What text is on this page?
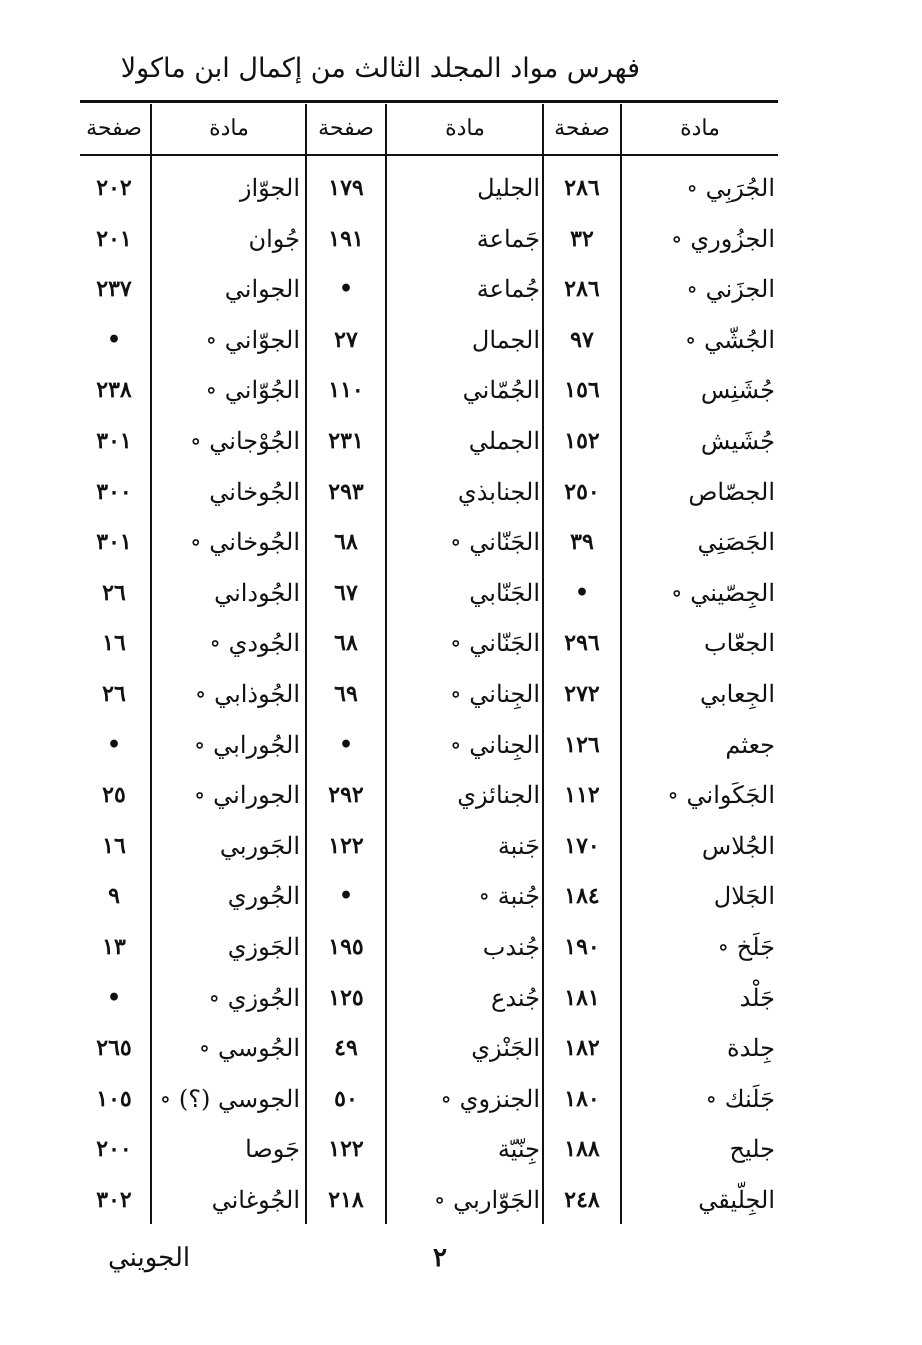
فهرس مواد المجلد الثالث من إكمال ابن ماكولا
مادة
صفحة
مادة
صفحة
مادة
صفحة
الجُرَبِي ∘
٢٨٦
الجليل
١٧٩
الجوّاز
٢٠٢
الجزُوري ∘
٣٢
جَماعة
١٩١
جُوان
٢٠١
الجزَني ∘
٢٨٦
جُماعة
•
الجواني
٢٣٧
الجُشّي ∘
٩٧
الجمال
٢٧
الجوّاني ∘
•
جُشَنِس
١٥٦
الجُمّاني
١١٠
الجُوّاني ∘
٢٣٨
جُشَيش
١٥٢
الجملي
٢٣١
الجُوْجاني ∘
٣٠١
الجصّاص
٢٥٠
الجنابذي
٢٩٣
الجُوخاني
٣٠٠
الجَصَنِي
٣٩
الجَنّاني ∘
٦٨
الجُوخاني ∘
٣٠١
الجِصّيني ∘
•
الجَنّابي
٦٧
الجُوداني
٢٦
الجعّاب
٢٩٦
الجَنّاني ∘
٦٨
الجُودي ∘
١٦
الجِعابي
٢٧٢
الجِناني ∘
٦٩
الجُوذابي ∘
٢٦
جعثم
١٢٦
الجِناني ∘
•
الجُورابي ∘
•
الجَكَواني ∘
١١٢
الجنائزي
٢٩٢
الجوراني ∘
٢٥
الجُلاس
١٧٠
جَنبة
١٢٢
الجَوربي
١٦
الجَلال
١٨٤
جُنبة ∘
•
الجُوري
٩
جَلَخ ∘
١٩٠
جُندب
١٩٥
الجَوزي
١٣
جَلْد
١٨١
جُندع
١٢٥
الجُوزي ∘
•
جِلدة
١٨٢
الجَنْزي
٤٩
الجُوسي ∘
٢٦٥
جَلَنك ∘
١٨٠
الجنزوي ∘
٥٠
الجوسي (؟) ∘
١٠٥
جليح
١٨٨
جِنّيّة
١٢٢
جَوصا
٢٠٠
الجِلّيقي
٢٤٨
الجَوّاربي ∘
٢١٨
الجُوغاني
٣٠٢
٢
الجويني
